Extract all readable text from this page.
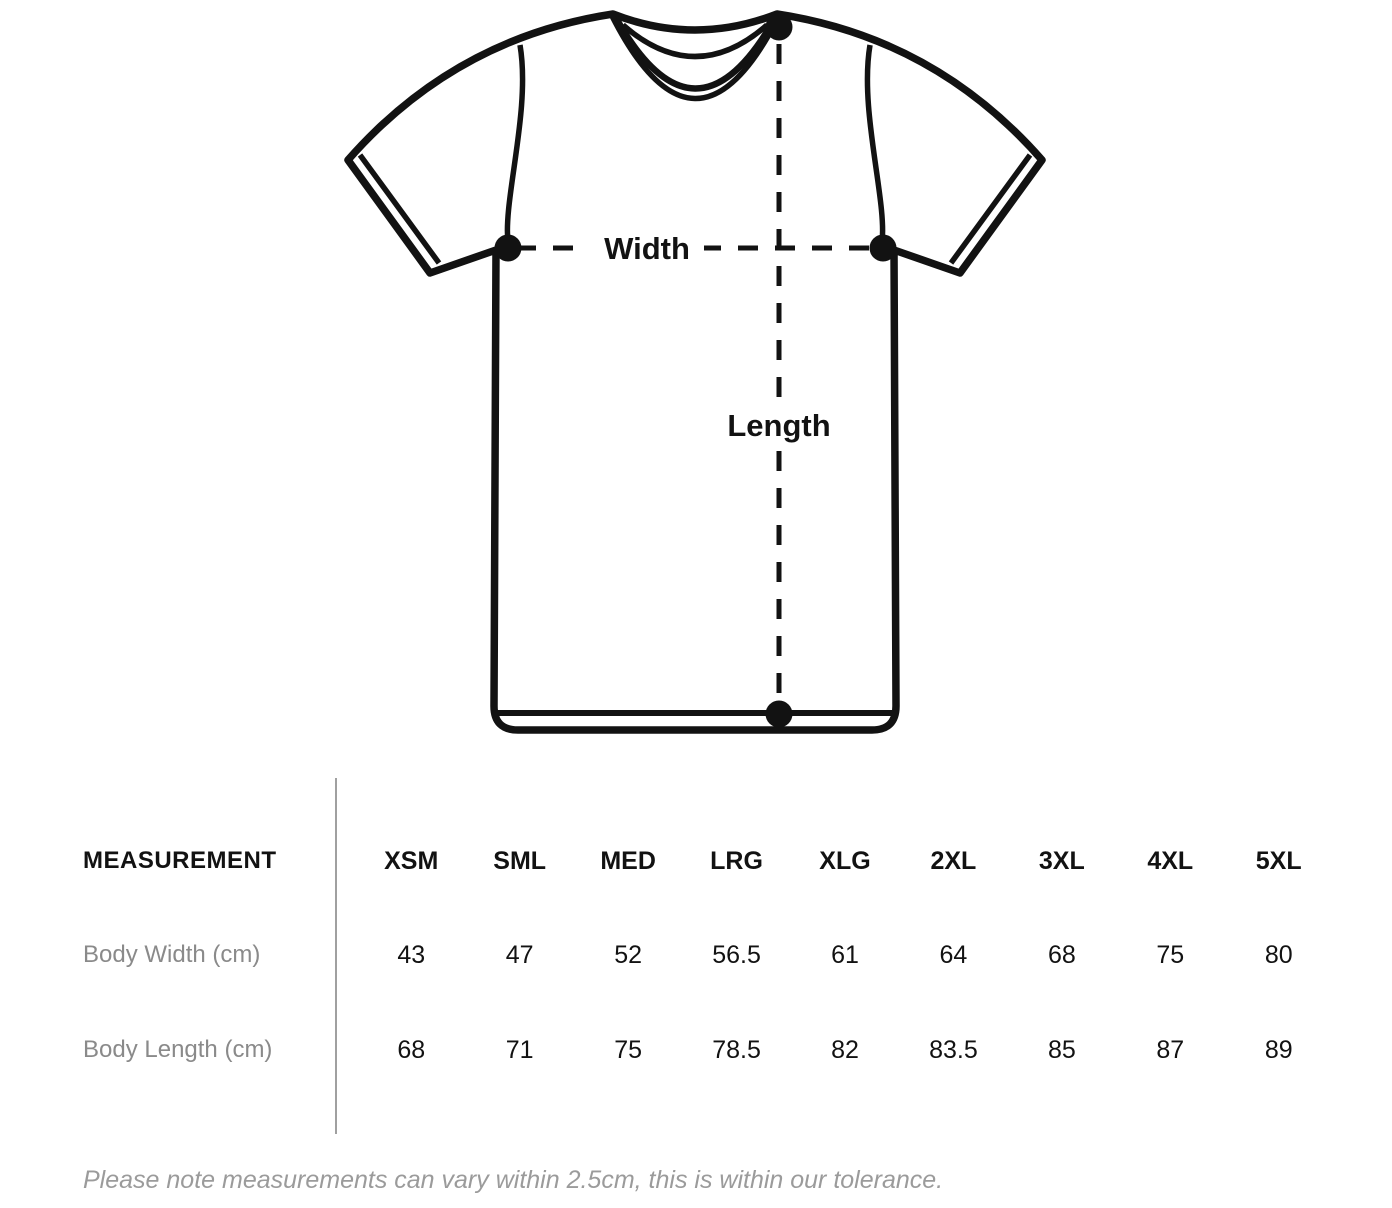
Width
Length
MEASUREMENT	XSM	SML	MED	LRG	XLG	2XL	3XL	4XL	5XL
Body Width (cm)	43	47	52	56.5	61	64	68	75	80
Body Length (cm)	68	71	75	78.5	82	83.5	85	87	89
Please note measurements can vary within 2.5cm, this is within our tolerance.
